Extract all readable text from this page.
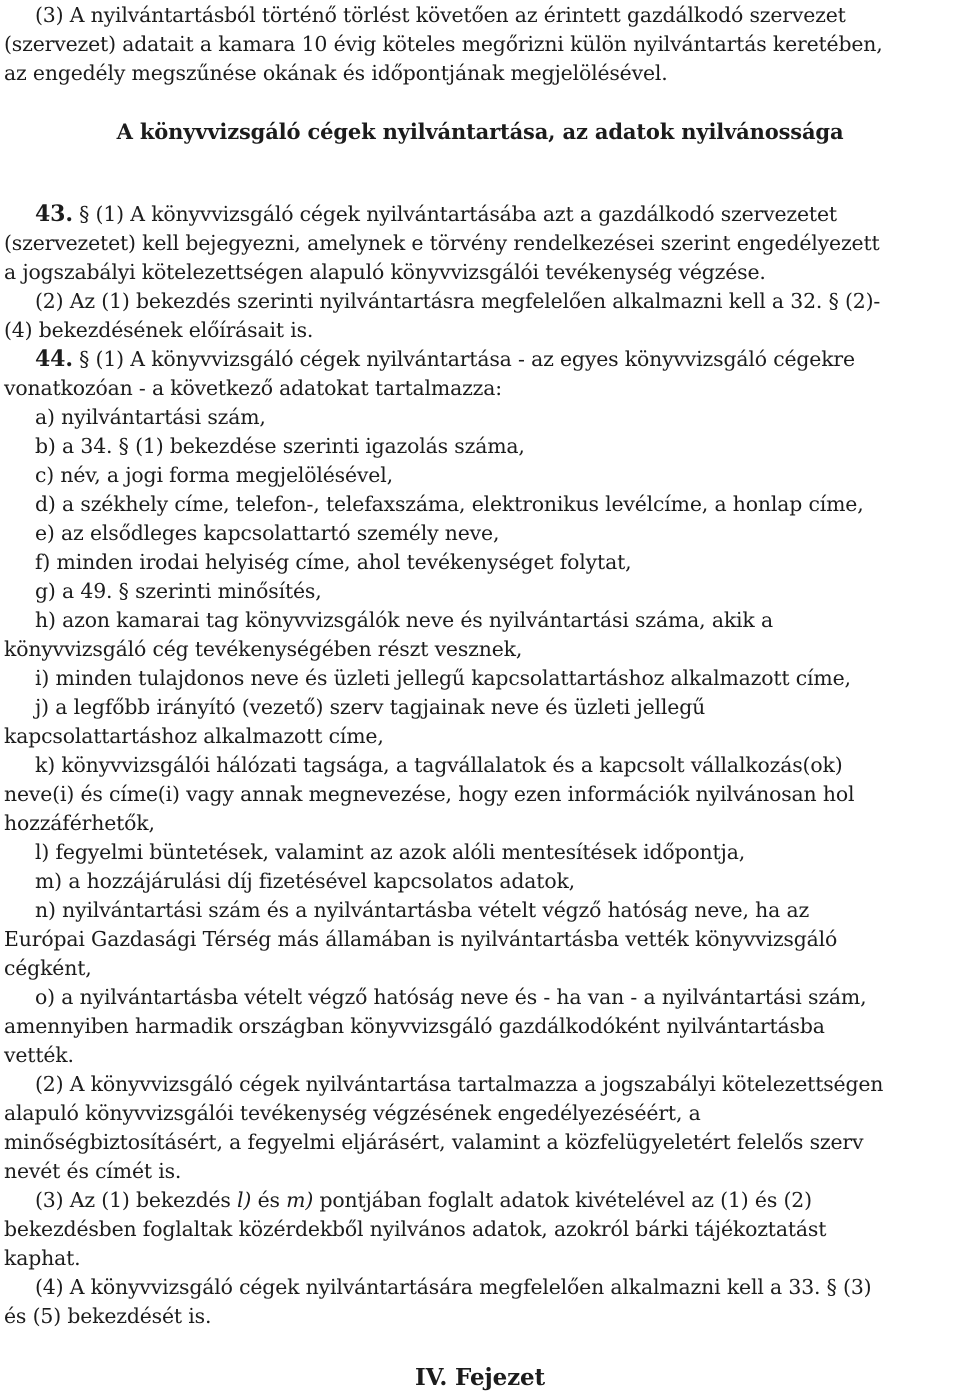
(3) A nyilvántartásból történő törlést követően az érintett gazdálkodó szervezet
(szervezet) adatait a kamara 10 évig köteles megőrizni külön nyilvántartás keretében,
az engedély megszűnése okának és időpontjának megjelölésével.
A könyvvizsgáló cégek nyilvántartása, az adatok nyilvánossága
43. § (1) A könyvvizsgáló cégek nyilvántartásába azt a gazdálkodó szervezetet
(szervezetet) kell bejegyezni, amelynek e törvény rendelkezései szerint engedélyezett
a jogszabályi kötelezettségen alapuló könyvvizsgálói tevékenység végzése.
(2) Az (1) bekezdés szerinti nyilvántartásra megfelelően alkalmazni kell a 32. § (2)-
(4) bekezdésének előírásait is.
44. § (1) A könyvvizsgáló cégek nyilvántartása - az egyes könyvvizsgáló cégekre
vonatkozóan - a következő adatokat tartalmazza:
a) nyilvántartási szám,
b) a 34. § (1) bekezdése szerinti igazolás száma,
c) név, a jogi forma megjelölésével,
d) a székhely címe, telefon-, telefaxszáma, elektronikus levélcíme, a honlap címe,
e) az elsődleges kapcsolattartó személy neve,
f) minden irodai helyiség címe, ahol tevékenységet folytat,
g) a 49. § szerinti minősítés,
h) azon kamarai tag könyvvizsgálók neve és nyilvántartási száma, akik a
könyvvizsgáló cég tevékenységében részt vesznek,
i) minden tulajdonos neve és üzleti jellegű kapcsolattartáshoz alkalmazott címe,
j) a legfőbb irányító (vezető) szerv tagjainak neve és üzleti jellegű
kapcsolattartáshoz alkalmazott címe,
k) könyvvizsgálói hálózati tagsága, a tagvállalatok és a kapcsolt vállalkozás(ok)
neve(i) és címe(i) vagy annak megnevezése, hogy ezen információk nyilvánosan hol
hozzáférhetők,
l) fegyelmi büntetések, valamint az azok alóli mentesítések időpontja,
m) a hozzájárulási díj fizetésével kapcsolatos adatok,
n) nyilvántartási szám és a nyilvántartásba vételt végző hatóság neve, ha az
Európai Gazdasági Térség más államában is nyilvántartásba vették könyvvizsgáló
cégként,
o) a nyilvántartásba vételt végző hatóság neve és - ha van - a nyilvántartási szám,
amennyiben harmadik országban könyvvizsgáló gazdálkodóként nyilvántartásba
vették.
(2) A könyvvizsgáló cégek nyilvántartása tartalmazza a jogszabályi kötelezettségen
alapuló könyvvizsgálói tevékenység végzésének engedélyezéséért, a
minőségbiztosításért, a fegyelmi eljárásért, valamint a közfelügyeletért felelős szerv
nevét és címét is.
(3) Az (1) bekezdés l) és m) pontjában foglalt adatok kivételével az (1) és (2)
bekezdésben foglaltak közérdekből nyilvános adatok, azokról bárki tájékoztatást
kaphat.
(4) A könyvvizsgáló cégek nyilvántartására megfelelően alkalmazni kell a 33. § (3)
és (5) bekezdését is.
IV. Fejezet
